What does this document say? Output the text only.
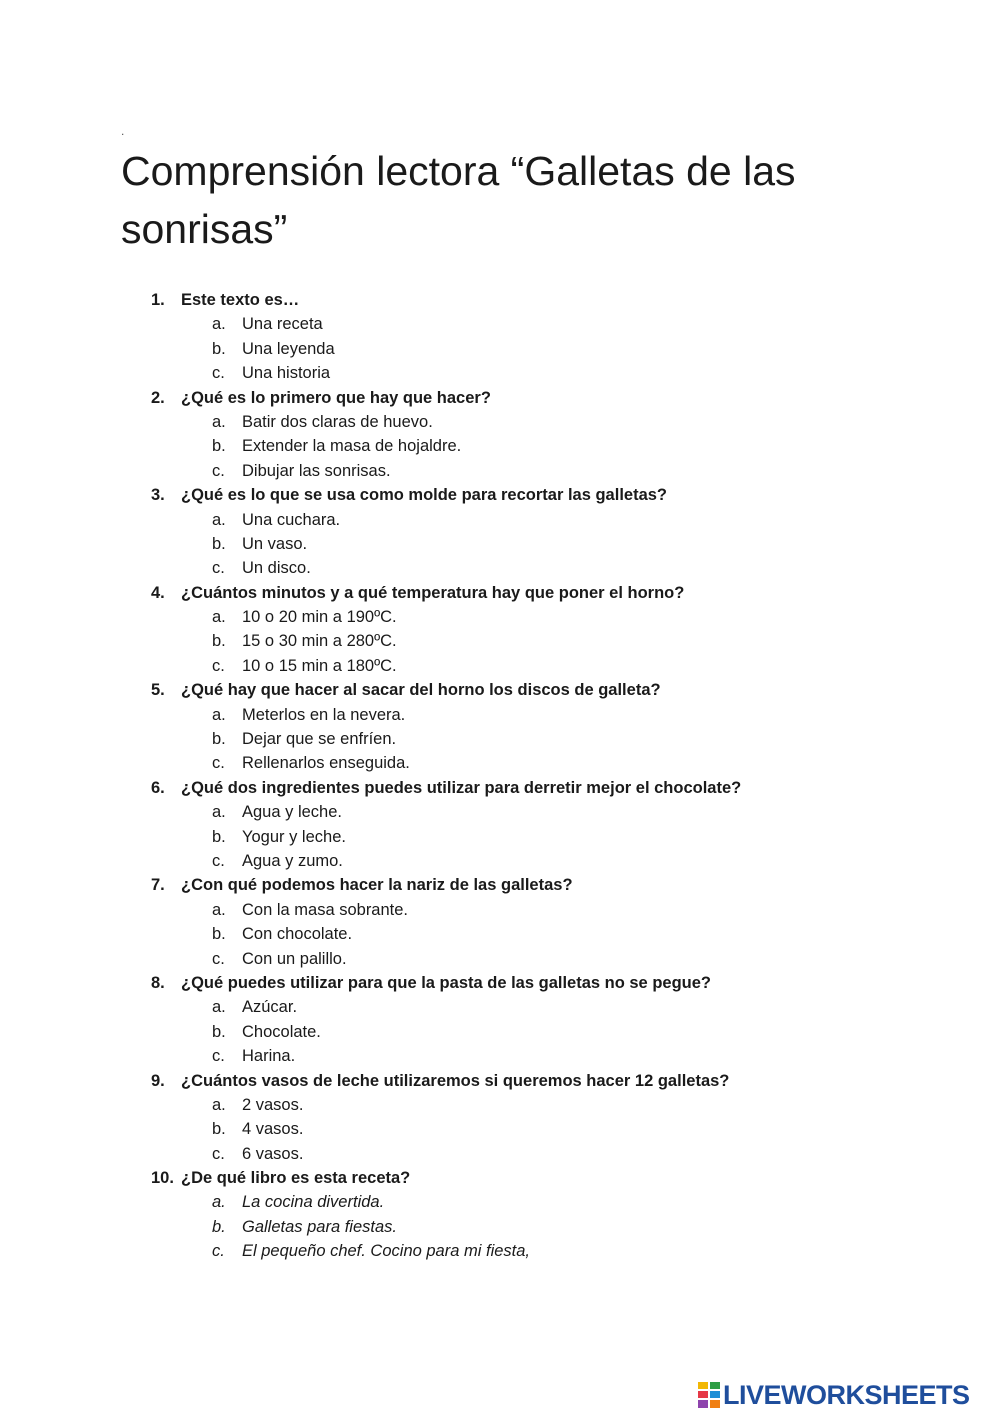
.
Comprensión lectora “Galletas de las sonrisas”
1. Este texto es…
a. Una receta
b. Una leyenda
c. Una historia
2. ¿Qué es lo primero que hay que hacer?
a. Batir dos claras de huevo.
b. Extender la masa de hojaldre.
c. Dibujar las sonrisas.
3. ¿Qué es lo que se usa como molde para recortar las galletas?
a. Una cuchara.
b. Un vaso.
c. Un disco.
4. ¿Cuántos minutos y a qué temperatura hay que poner el horno?
a. 10 o 20 min a 190ºC.
b. 15 o 30 min a 280ºC.
c. 10 o 15 min a 180ºC.
5. ¿Qué hay que hacer al sacar del horno los discos de galleta?
a. Meterlos en la nevera.
b. Dejar que se enfríen.
c. Rellenarlos enseguida.
6. ¿Qué dos ingredientes puedes utilizar para derretir mejor el chocolate?
a. Agua y leche.
b. Yogur y leche.
c. Agua y zumo.
7. ¿Con qué podemos hacer la nariz de las galletas?
a. Con la masa sobrante.
b. Con chocolate.
c. Con un palillo.
8. ¿Qué puedes utilizar para que la pasta de las galletas no se pegue?
a. Azúcar.
b. Chocolate.
c. Harina.
9. ¿Cuántos vasos de leche utilizaremos si queremos hacer 12 galletas?
a. 2 vasos.
b. 4 vasos.
c. 6 vasos.
10. ¿De qué libro es esta receta?
a. La cocina divertida.
b. Galletas para fiestas.
c. El pequeño chef. Cocino para mi fiesta,
LIVEWORKSHEETS
